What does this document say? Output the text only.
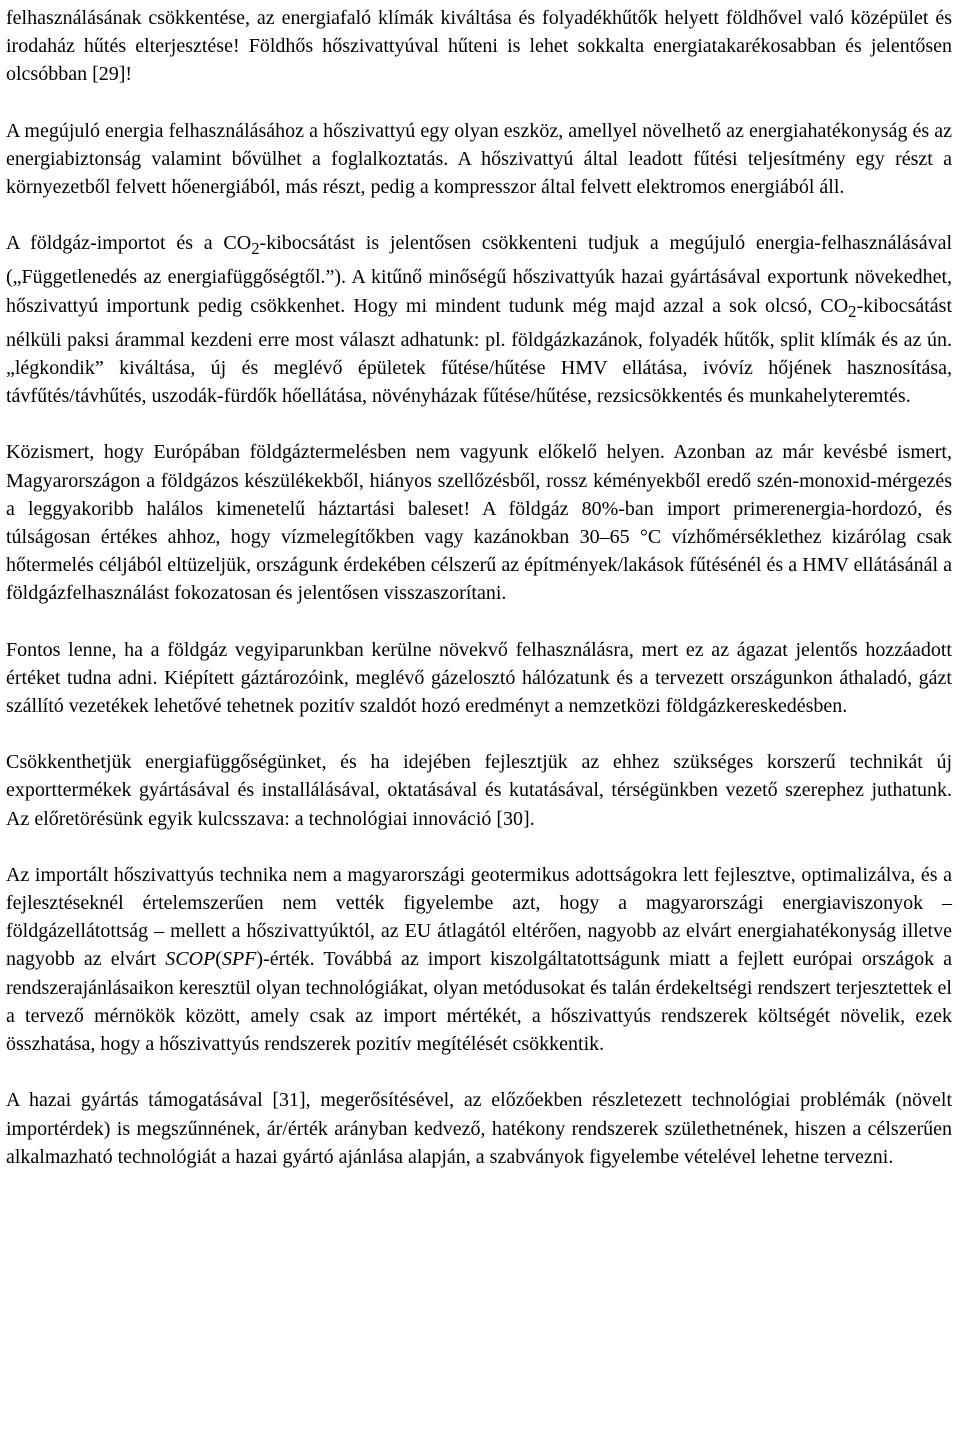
felhasználásának csökkentése, az energiafaló klímák kiváltása és folyadékhűtők helyett földhővel való középület és irodaház hűtés elterjesztése! Földhős hőszivattyúval hűteni is lehet sokkalta energiatakarékosabban és jelentősen olcsóbban [29]!

A megújuló energia felhasználásához a hőszivattyú egy olyan eszköz, amellyel növelhető az energiahatékonyság és az energiabiztonság valamint bővülhet a foglalkoztatás. A hőszivattyú által leadott fűtési teljesítmény egy részt a környezetből felvett hőenergiából, más részt, pedig a kompresszor által felvett elektromos energiából áll.

A földgáz-importot és a $CO_2$-kibocsátást is jelentősen csökkenteni tudjuk a megújuló energia-felhasználásával („Függetlenedés az energiafüggőségtől.”). A kitűnő minőségű hőszivattyúk hazai gyártásával exportunk növekedhet, hőszivattyú importunk pedig csökkenhet. Hogy mi mindent tudunk még majd azzal a sok olcsó, $CO_2$-kibocsátást nélküli paksi árammal kezdeni erre most választ adhatunk: pl. földgázkazánok, folyadék hűtők, split klímák és az ún. „légkondik” kiváltása, új és meglévő épületek fűtése/hűtése HMV ellátása, ivóvíz hőjének hasznosítása, távfűtés/távhűtés, uszodák-fürdők hőellátása, növényházak fűtése/hűtése, rezsicsökkentés és munkahelyteremtés.

Közismert, hogy Európában földgáztermelésben nem vagyunk előkelő helyen. Azonban az már kevésbé ismert, Magyarországon a földgázos készülékekből, hiányos szellőzésből, rossz kéményekből eredő szén-monoxid-mérgezés a leggyakoribb halálos kimenetelű háztartási baleset! A földgáz 80%-ban import primerenergia-hordozó, és túlságosan értékes ahhoz, hogy vízmelegítőkben vagy kazánokban 30–65 °C vízhőmérséklethez kizárólag csak hőtermelés céljából eltüzeljük, országunk érdekében célszerű az építmények/lakások fűtésénél és a HMV ellátásánál a földgázfelhasználást fokozatosan és jelentősen visszaszorítani.

Fontos lenne, ha a földgáz vegyiparunkban kerülne növekvő felhasználásra, mert ez az ágazat jelentős hozzáadott értéket tudna adni. Kiépített gáztározóink, meglévő gázelosztó hálózatunk és a tervezett országunkon áthaladó, gázt szállító vezetékek lehetővé tehetnek pozitív szaldót hozó eredményt a nemzetközi földgázkereskedésben.

Csökkenthetjük energiafüggőségünket, és ha idejében fejlesztjük az ehhez szükséges korszerű technikát új exporttermékek gyártásával és installálásával, oktatásával és kutatásával, térségünkben vezető szerephez juthatunk. Az előretörésünk egyik kulcsszava: a technológiai innováció [30].

Az importált hőszivattyús technika nem a magyarországi geotermikus adottságokra lett fejlesztve, optimalizálva, és a fejlesztéseknél értelemszerűen nem vették figyelembe azt, hogy a magyarországi energiaviszonyok – földgázellátottság – mellett a hőszivattyúktól, az EU átlagától eltérően, nagyobb az elvárt energiahatékonyság illetve nagyobb az elvárt SCOP(SPF)-érték. Továbbá az import kiszolgáltatottságunk miatt a fejlett európai országok a rendszerajánlásaikon keresztül olyan technológiákat, olyan metódusokat és talán érdekeltségi rendszert terjesztettek el a tervező mérnökök között, amely csak az import mértékét, a hőszivattyús rendszerek költségét növelik, ezek összhatása, hogy a hőszivattyús rendszerek pozitív megítélését csökkentik.

A hazai gyártás támogatásával [31], megerősítésével, az előzőekben részletezett technológiai problémák (növelt importérdek) is megszűnnének, ár/érték arányban kedvező, hatékony rendszerek születhetnének, hiszen a célszerűen alkalmazható technológiát a hazai gyártó ajánlása alapján, a szabványok figyelembe vételével lehetne tervezni.
